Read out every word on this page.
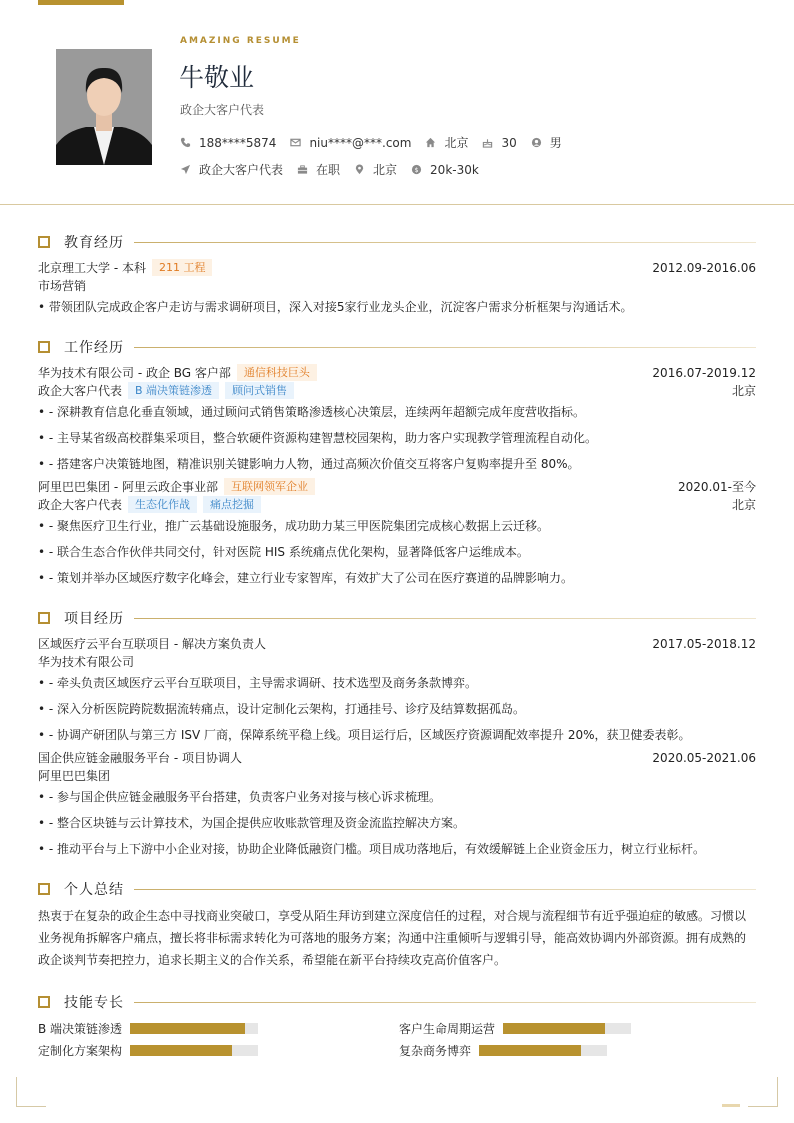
AMAZING RESUME
牛敬业
政企大客户代表
188****5874	niu****@***.com	北京	30	男
政企大客户代表	在职	北京 $ 20k-30k
教育经历
北京理工大学 - 本科	211 工程	2012.09-2016.06
市场营销
• 带领团队完成政企客户走访与需求调研项目，深入对接5家行业龙头企业，沉淀客户需求分析框架与沟通话术。
工作经历
华为技术有限公司 - 政企 BG 客户部	通信科技巨头	2016.07-2019.12
政企大客户代表	B 端决策链渗透	顾问式销售	北京
• - 深耕教育信息化垂直领域，通过顾问式销售策略渗透核心决策层，连续两年超额完成年度营收指标。
• - 主导某省级高校群集采项目，整合软硬件资源构建智慧校园架构，助力客户实现教学管理流程自动化。
• - 搭建客户决策链地图，精准识别关键影响力人物，通过高频次价值交互将客户复购率提升至 80%。
阿里巴巴集团 - 阿里云政企事业部	互联网领军企业	2020.01-至今
政企大客户代表	生态化作战	痛点挖掘	北京
• - 聚焦医疗卫生行业，推广云基础设施服务，成功助力某三甲医院集团完成核心数据上云迁移。
• - 联合生态合作伙伴共同交付，针对医院 HIS 系统痛点优化架构，显著降低客户运维成本。
• - 策划并举办区域医疗数字化峰会，建立行业专家智库，有效扩大了公司在医疗赛道的品牌影响力。
项目经历
区域医疗云平台互联项目 - 解决方案负责人	2017.05-2018.12
华为技术有限公司
• - 牵头负责区域医疗云平台互联项目，主导需求调研、技术选型及商务条款博弈。
• - 深入分析医院跨院数据流转痛点，设计定制化云架构，打通挂号、诊疗及结算数据孤岛。
• - 协调产研团队与第三方 ISV 厂商，保障系统平稳上线。项目运行后，区域医疗资源调配效率提升 20%，获卫健委表彰。
国企供应链金融服务平台 - 项目协调人	2020.05-2021.06
阿里巴巴集团
• - 参与国企供应链金融服务平台搭建，负责客户业务对接与核心诉求梳理。
• - 整合区块链与云计算技术，为国企提供应收账款管理及资金流监控解决方案。
• - 推动平台与上下游中小企业对接，协助企业降低融资门槛。项目成功落地后，有效缓解链上企业资金压力，树立行业标杆。
个人总结
热衷于在复杂的政企生态中寻找商业突破口，享受从陌生拜访到建立深度信任的过程，对合规与流程细节有近乎强迫症的敏感。习惯以
业务视角拆解客户痛点，擅长将非标需求转化为可落地的服务方案；沟通中注重倾听与逻辑引导，能高效协调内外部资源。拥有成熟的
政企谈判节奏把控力，追求长期主义的合作关系，希望能在新平台持续攻克高价值客户。
技能专长
B 端决策链渗透	客户生命周期运营
定制化方案架构	复杂商务博弈
